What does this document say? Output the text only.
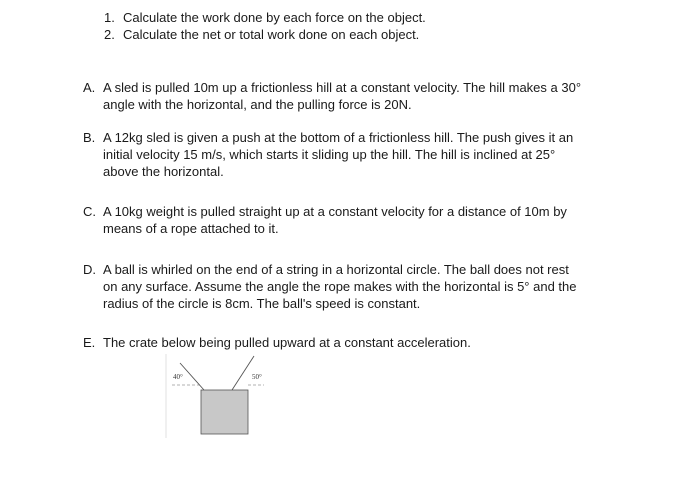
1. Calculate the work done by each force on the object.
2. Calculate the net or total work done on each object.
A. A sled is pulled 10m up a frictionless hill at a constant velocity. The hill makes a 30°
angle with the horizontal, and the pulling force is 20N.
B. A 12kg sled is given a push at the bottom of a frictionless hill. The push gives it an
initial velocity 15 m/s, which starts it sliding up the hill. The hill is inclined at 25°
above the horizontal.
C. A 10kg weight is pulled straight up at a constant velocity for a distance of 10m by
means of a rope attached to it.
D. A ball is whirled on the end of a string in a horizontal circle. The ball does not rest
on any surface. Assume the angle the rope makes with the horizontal is 5° and the
radius of the circle is 8cm. The ball's speed is constant.
E. The crate below being pulled upward at a constant acceleration.
40°	50°
